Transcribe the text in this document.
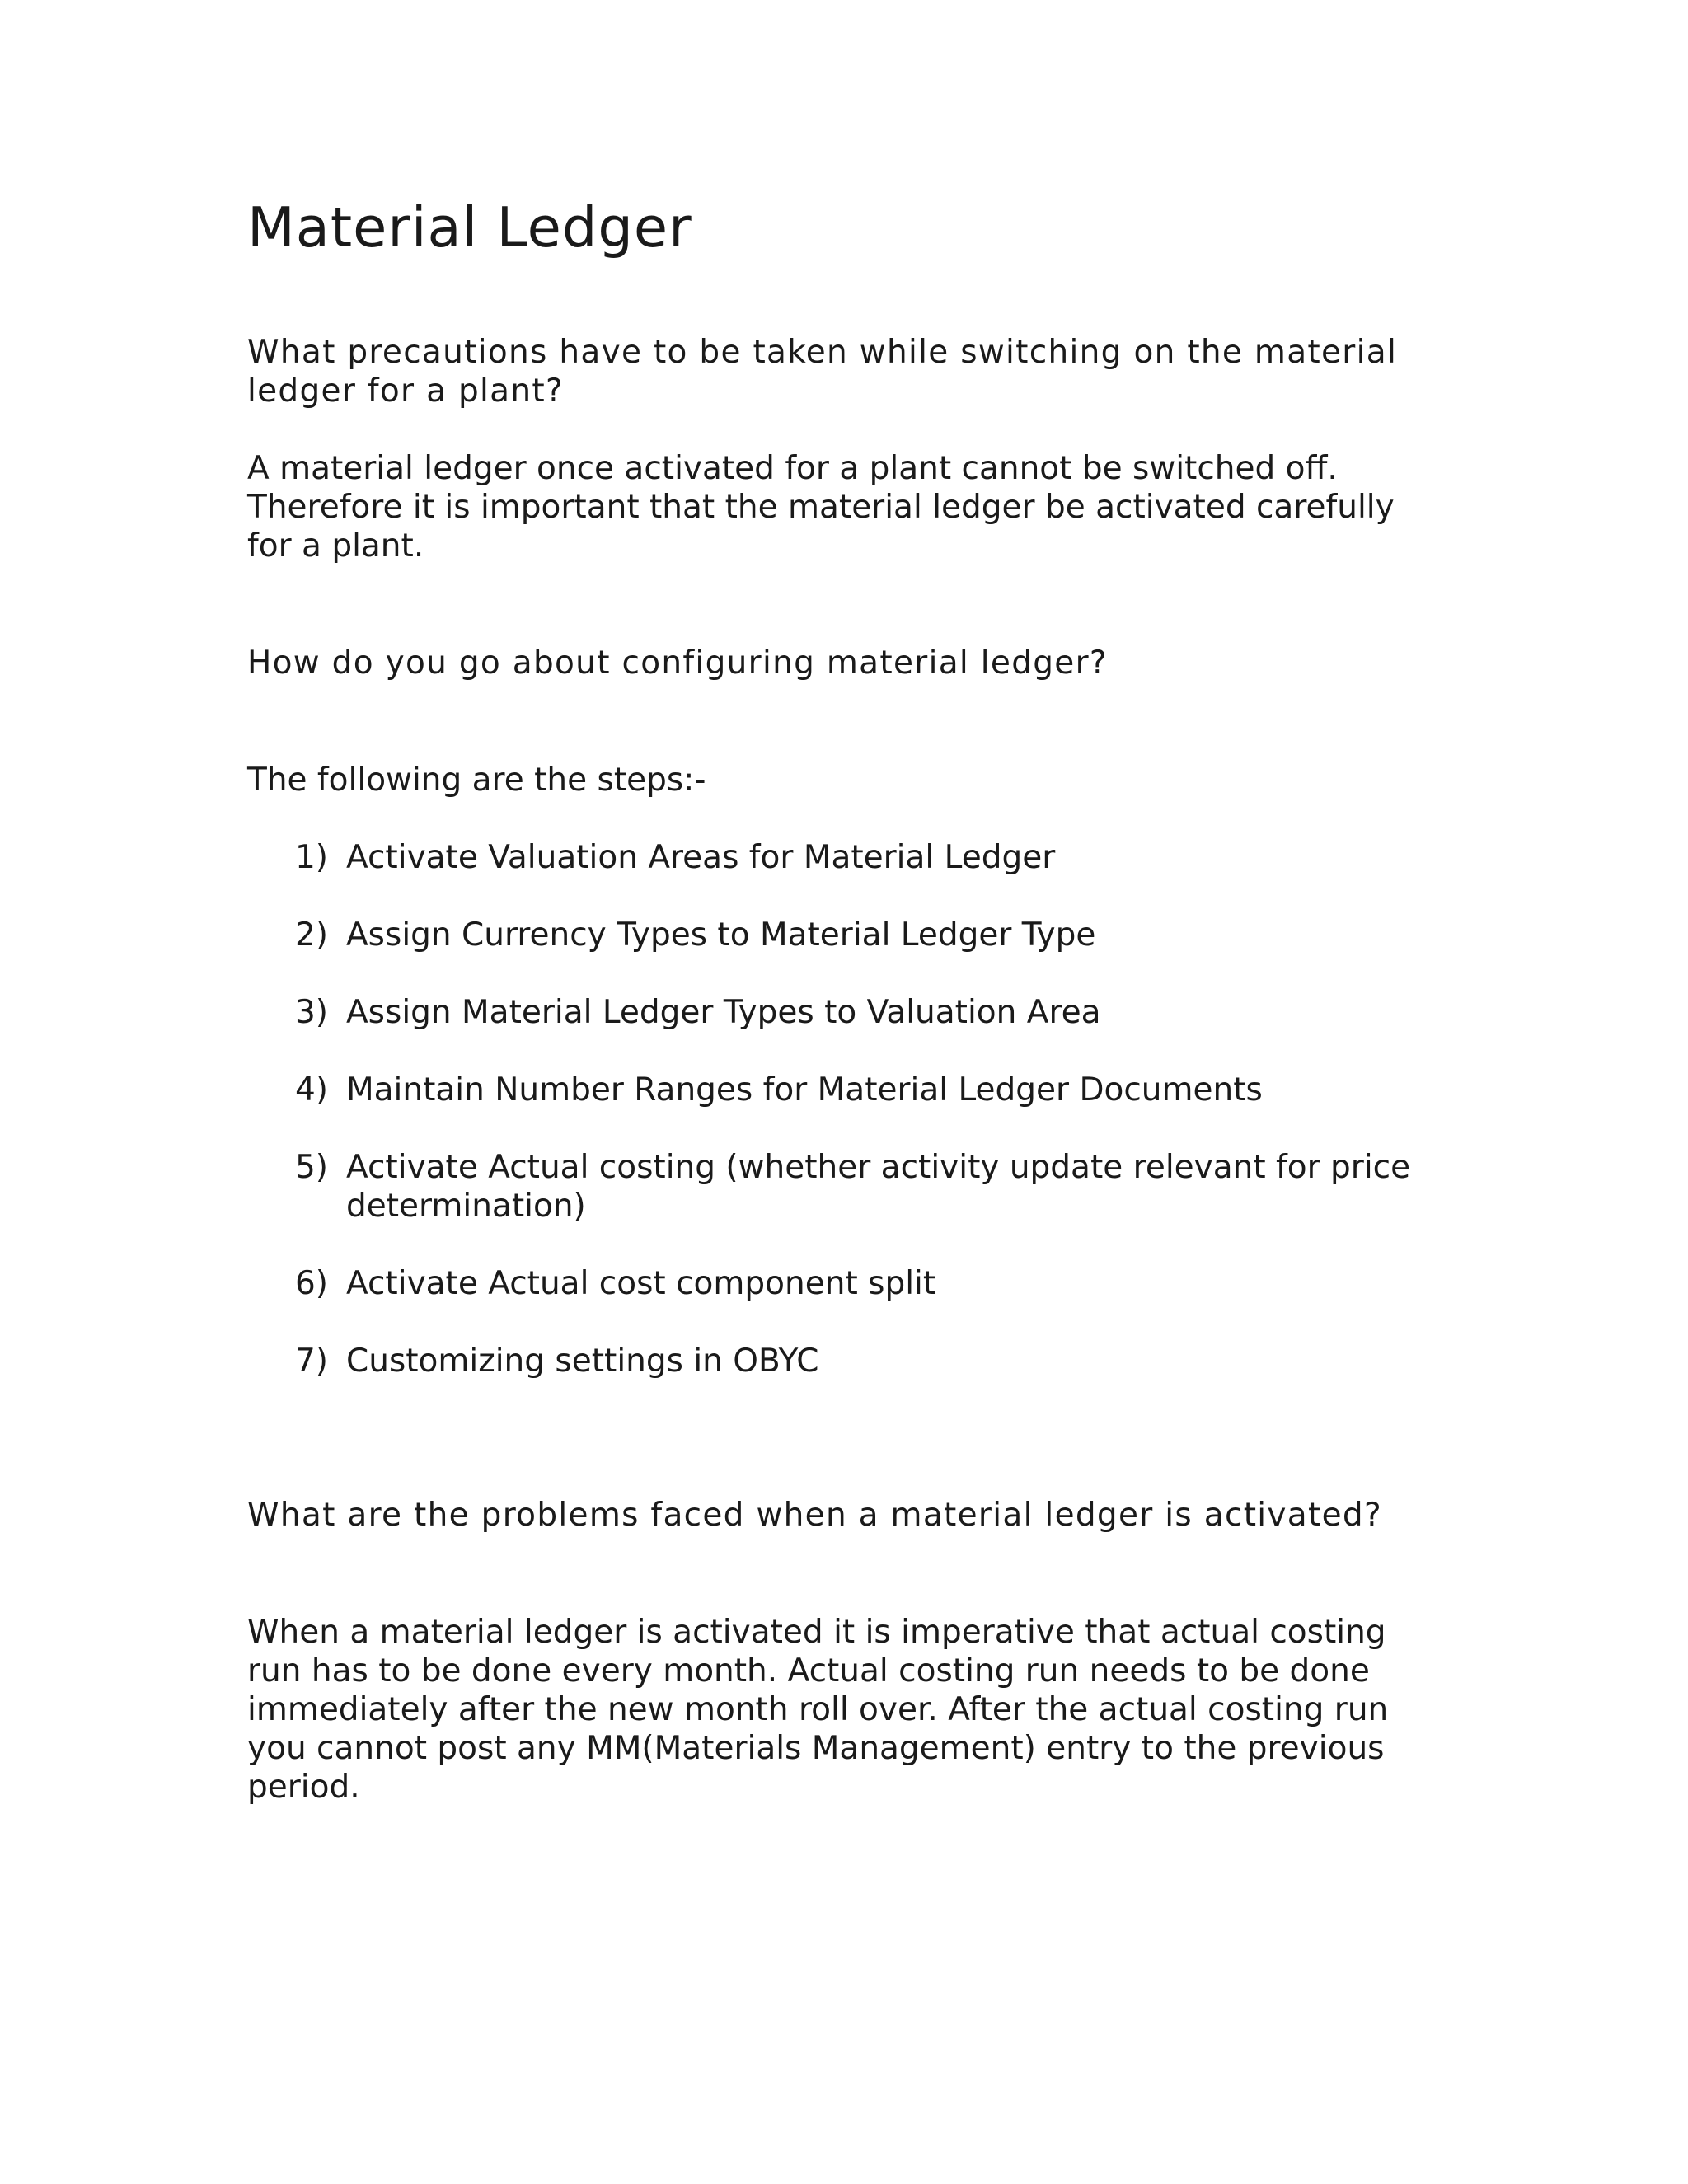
Material Ledger

What precautions have to be taken while switching on the material ledger for a plant?

A material ledger once activated for a plant cannot be switched off. Therefore it is important that the material ledger be activated carefully for a plant.

How do you go about configuring material ledger?

The following are the steps:-

1) Activate Valuation Areas for Material Ledger
2) Assign Currency Types to Material Ledger Type
3) Assign Material Ledger Types to Valuation Area
4) Maintain Number Ranges for Material Ledger Documents
5) Activate Actual costing (whether activity update relevant for price determination)
6) Activate Actual cost component split
7) Customizing settings in OBYC

What are the problems faced when a material ledger is activated?

When a material ledger is activated it is imperative that actual costing run has to be done every month. Actual costing run needs to be done immediately after the new month roll over. After the actual costing run you cannot post any MM(Materials Management) entry to the previous period.
